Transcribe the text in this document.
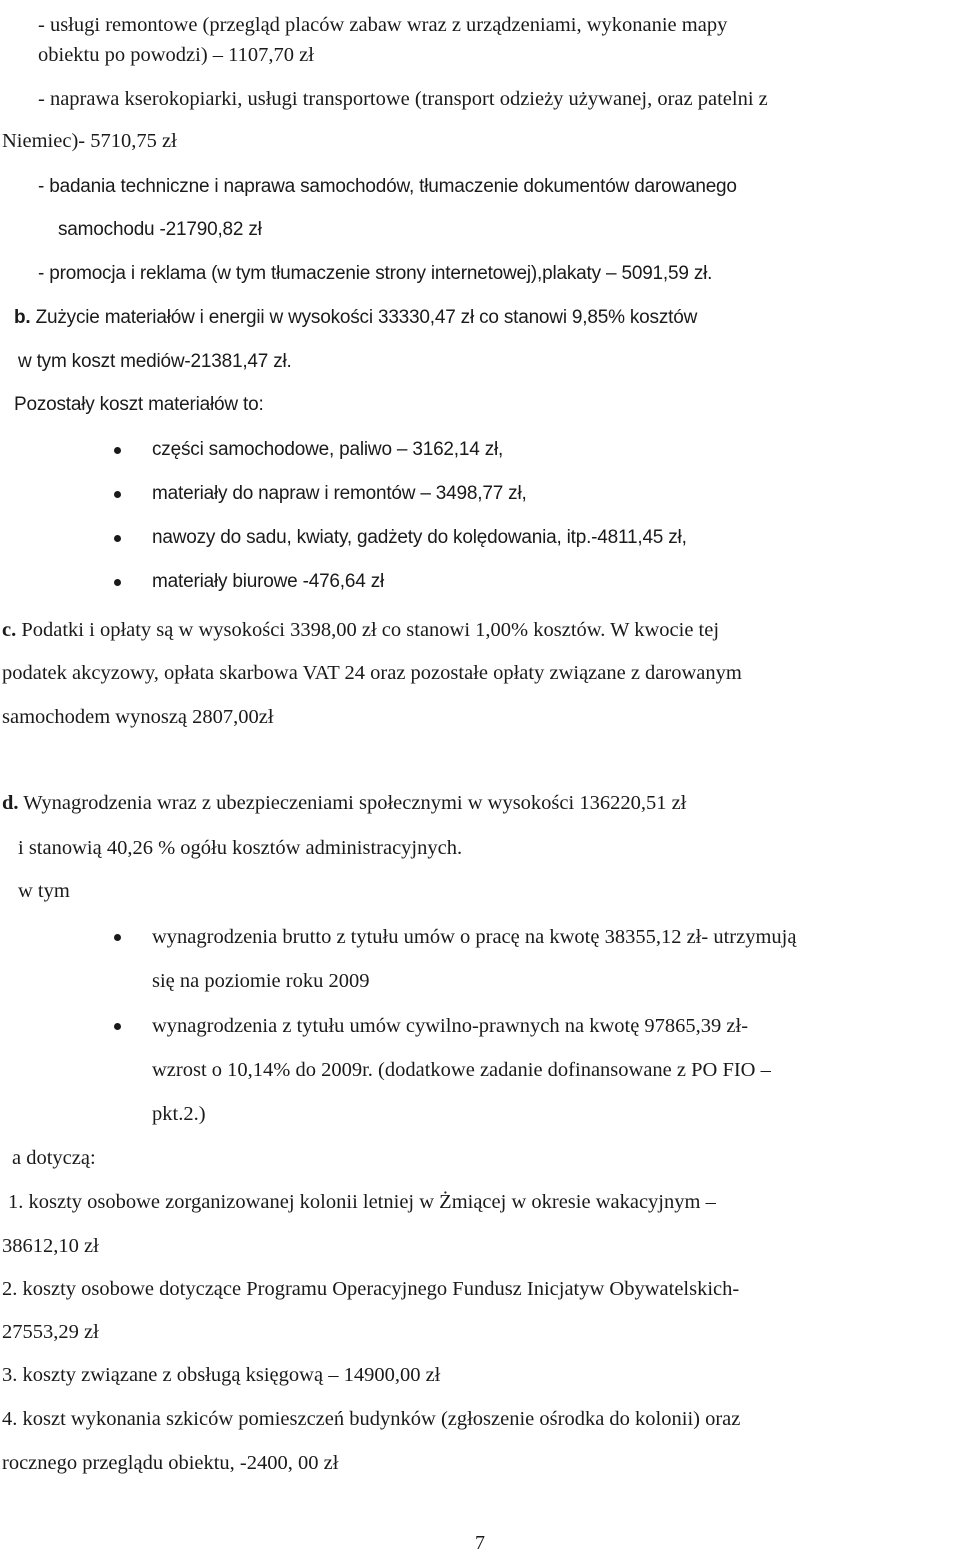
- usługi remontowe (przegląd placów zabaw wraz z urządzeniami, wykonanie mapy
obiektu po powodzi) – 1107,70 zł
- naprawa kserokopiarki, usługi transportowe (transport odzieży używanej, oraz patelni z
Niemiec)- 5710,75 zł
- badania techniczne i naprawa samochodów, tłumaczenie dokumentów darowanego
samochodu -21790,82 zł
- promocja i reklama (w tym tłumaczenie strony internetowej),plakaty – 5091,59 zł.
b. Zużycie materiałów i energii w wysokości 33330,47 zł co stanowi 9,85% kosztów
w tym koszt mediów-21381,47 zł.
Pozostały koszt materiałów to:
części samochodowe, paliwo – 3162,14 zł,
materiały do napraw i remontów – 3498,77 zł,
nawozy do sadu, kwiaty, gadżety do kolędowania, itp.-4811,45 zł,
materiały biurowe -476,64 zł
c. Podatki i opłaty są w wysokości 3398,00 zł co stanowi 1,00% kosztów. W kwocie tej
podatek akcyzowy, opłata skarbowa VAT 24 oraz pozostałe opłaty związane z darowanym
samochodem wynoszą 2807,00zł
d. Wynagrodzenia wraz z ubezpieczeniami społecznymi w wysokości 136220,51 zł
i stanowią 40,26 % ogółu kosztów administracyjnych.
w tym
wynagrodzenia brutto z tytułu umów o pracę na kwotę 38355,12 zł- utrzymują
się na poziomie roku 2009
wynagrodzenia z tytułu umów cywilno-prawnych na kwotę 97865,39 zł-
wzrost o 10,14% do 2009r. (dodatkowe zadanie dofinansowane z PO FIO –
pkt.2.)
a dotyczą:
1. koszty osobowe zorganizowanej kolonii letniej w Żmiącej w okresie wakacyjnym –
38612,10 zł
2. koszty osobowe dotyczące Programu Operacyjnego Fundusz Inicjatyw Obywatelskich-
27553,29 zł
3. koszty związane z obsługą księgową – 14900,00 zł
4. koszt wykonania szkiców pomieszczeń budynków (zgłoszenie ośrodka do kolonii) oraz
rocznego przeglądu obiektu, -2400, 00 zł
7
